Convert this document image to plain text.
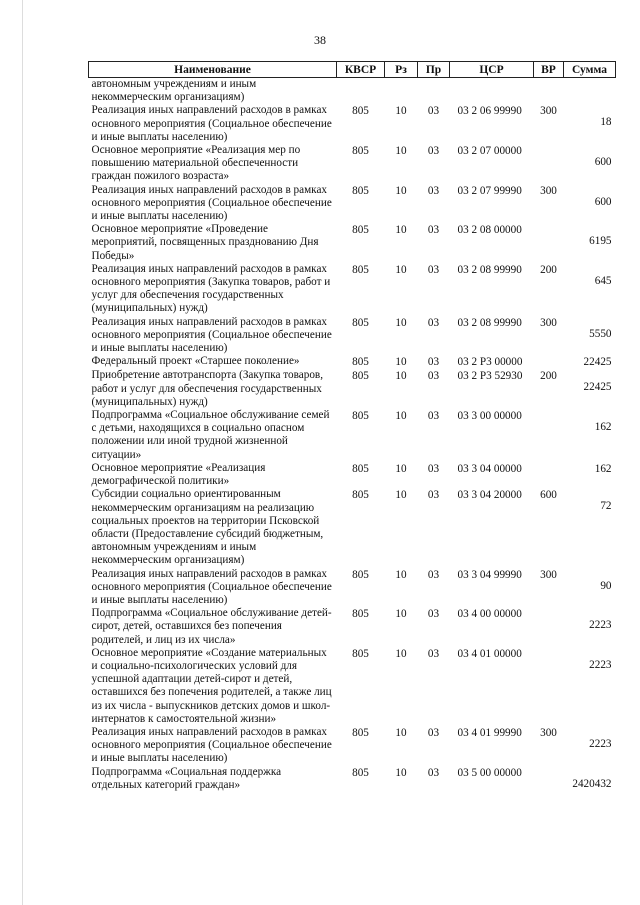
38
Наименование	КВСР	Рз	Пр	ЦСР	ВР	Сумма
автономным учреждениям и иным некоммерческим организациям)						
Реализация иных направлений расходов в рамках основного мероприятия (Социальное обеспечение и иные выплаты населению)	805	10	03	03 2 06 99990	300	18
Основное мероприятие «Реализация мер по повышению материальной обеспеченности граждан пожилого возраста»	805	10	03	03 2 07 00000		600
Реализация иных направлений расходов в рамках основного мероприятия (Социальное обеспечение и иные выплаты населению)	805	10	03	03 2 07 99990	300	600
Основное мероприятие «Проведение мероприятий, посвященных празднованию Дня Победы»	805	10	03	03 2 08 00000		6195
Реализация иных направлений расходов в рамках основного мероприятия (Закупка товаров, работ и услуг для обеспечения государственных (муниципальных) нужд)	805	10	03	03 2 08 99990	200	645
Реализация иных направлений расходов в рамках основного мероприятия (Социальное обеспечение и иные выплаты населению)	805	10	03	03 2 08 99990	300	5550
Федеральный проект «Старшее поколение»	805	10	03	03 2 P3 00000		22425
Приобретение автотранспорта (Закупка товаров, работ и услуг для обеспечения государственных (муниципальных) нужд)	805	10	03	03 2 P3 52930	200	22425
Подпрограмма «Социальное обслуживание семей с детьми, находящихся в социально опасном положении или иной трудной жизненной ситуации»	805	10	03	03 3 00 00000		162
Основное мероприятие «Реализация демографической политики»	805	10	03	03 3 04 00000		162
Субсидии социально ориентированным некоммерческим организациям на реализацию социальных проектов на территории Псковской области (Предоставление субсидий бюджетным, автономным учреждениям и иным некоммерческим организациям)	805	10	03	03 3 04 20000	600	72
Реализация иных направлений расходов в рамках основного мероприятия (Социальное обеспечение и иные выплаты населению)	805	10	03	03 3 04 99990	300	90
Подпрограмма «Социальное обслуживание детей-сирот, детей, оставшихся без попечения родителей, и лиц из их числа»	805	10	03	03 4 00 00000		2223
Основное мероприятие «Создание материальных и социально-психологических условий для успешной адаптации детей-сирот и детей, оставшихся без попечения родителей, а также лиц из их числа - выпускников детских домов и школ-интернатов к самостоятельной жизни»	805	10	03	03 4 01 00000		2223
Реализация иных направлений расходов в рамках основного мероприятия (Социальное обеспечение и иные выплаты населению)	805	10	03	03 4 01 99990	300	2223
Подпрограмма «Социальная поддержка отдельных категорий граждан»	805	10	03	03 5 00 00000		2420432
